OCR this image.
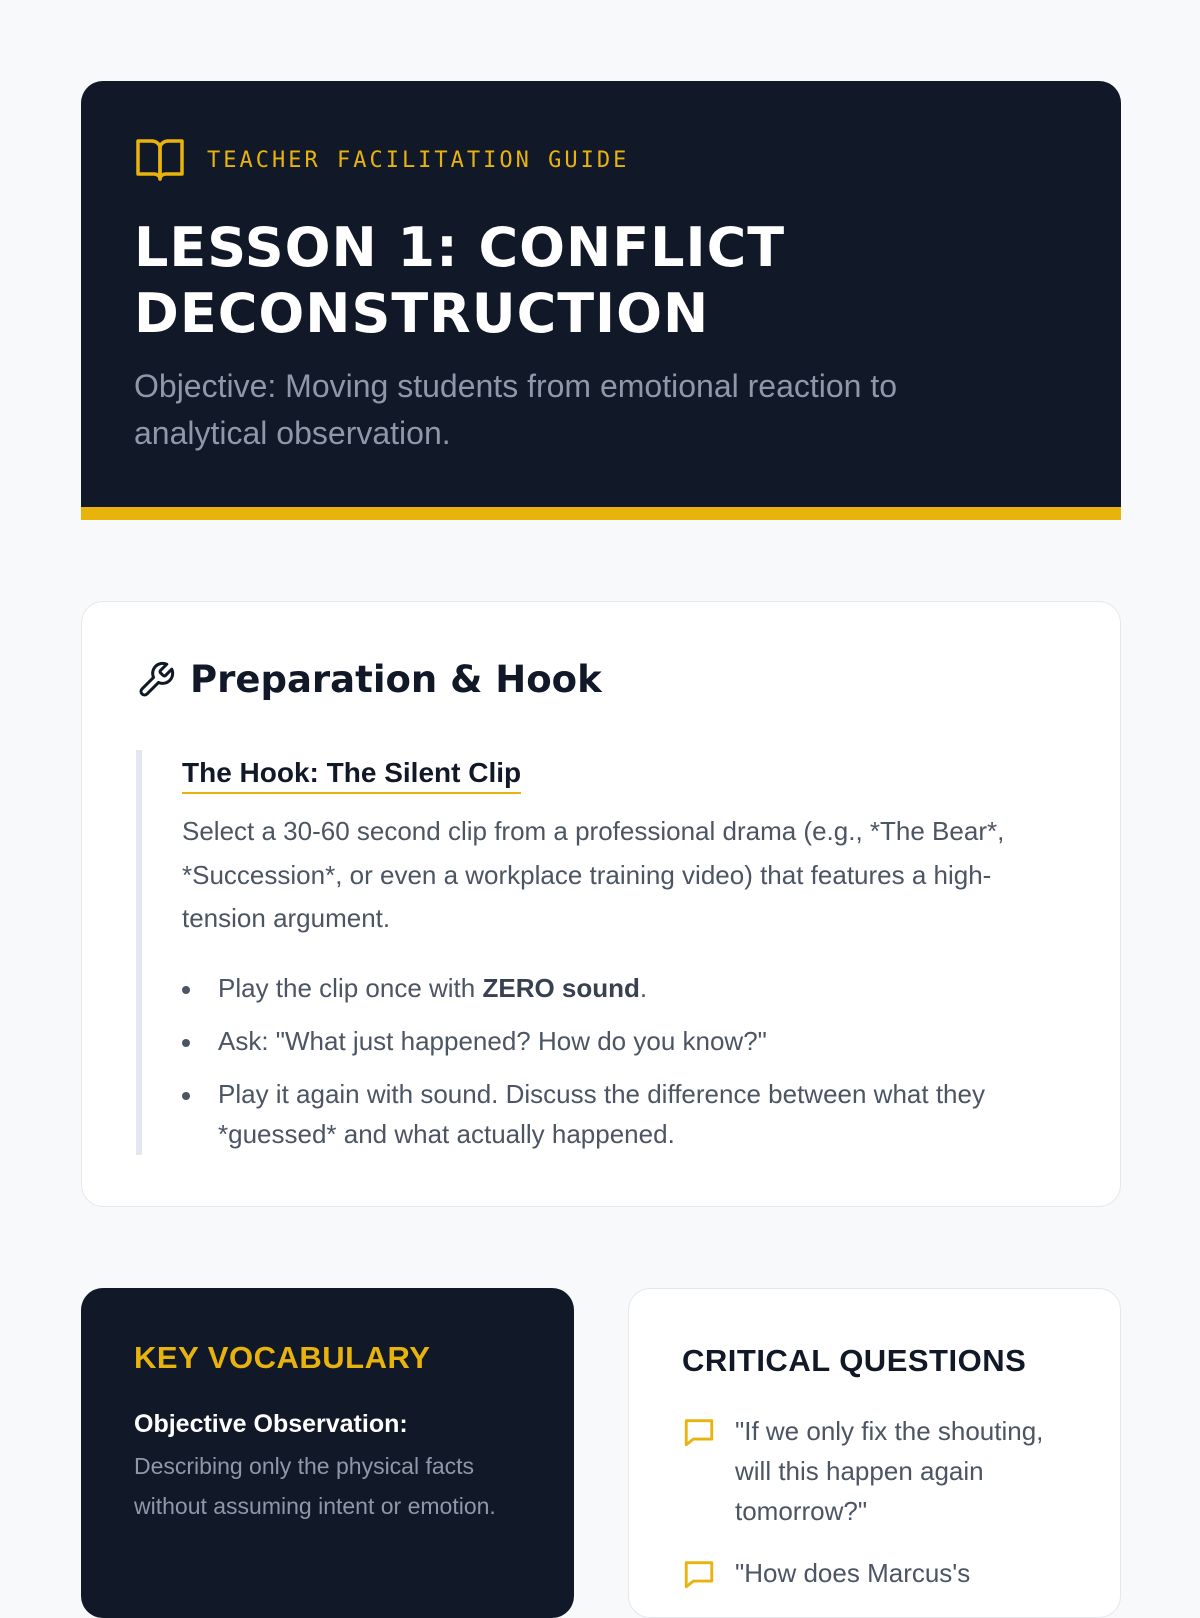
TEACHER FACILITATION GUIDE
LESSON 1: CONFLICT DECONSTRUCTION

Objective: Moving students from emotional reaction to analytical observation.

Preparation & Hook
The Hook: The Silent Clip

Select a 30-60 second clip from a professional drama (e.g., *The Bear*, *Succession*, or even a workplace training video) that features a high-tension argument.

Play the clip once with ZERO sound.
Ask: "What just happened? How do you know?"
Play it again with sound. Discuss the difference between what they *guessed* and what actually happened.
KEY VOCABULARY

Objective Observation:

Describing only the physical facts without assuming intent or emotion.

CRITICAL QUESTIONS
"If we only fix the shouting, will this happen again tomorrow?"
"How does Marcus's
